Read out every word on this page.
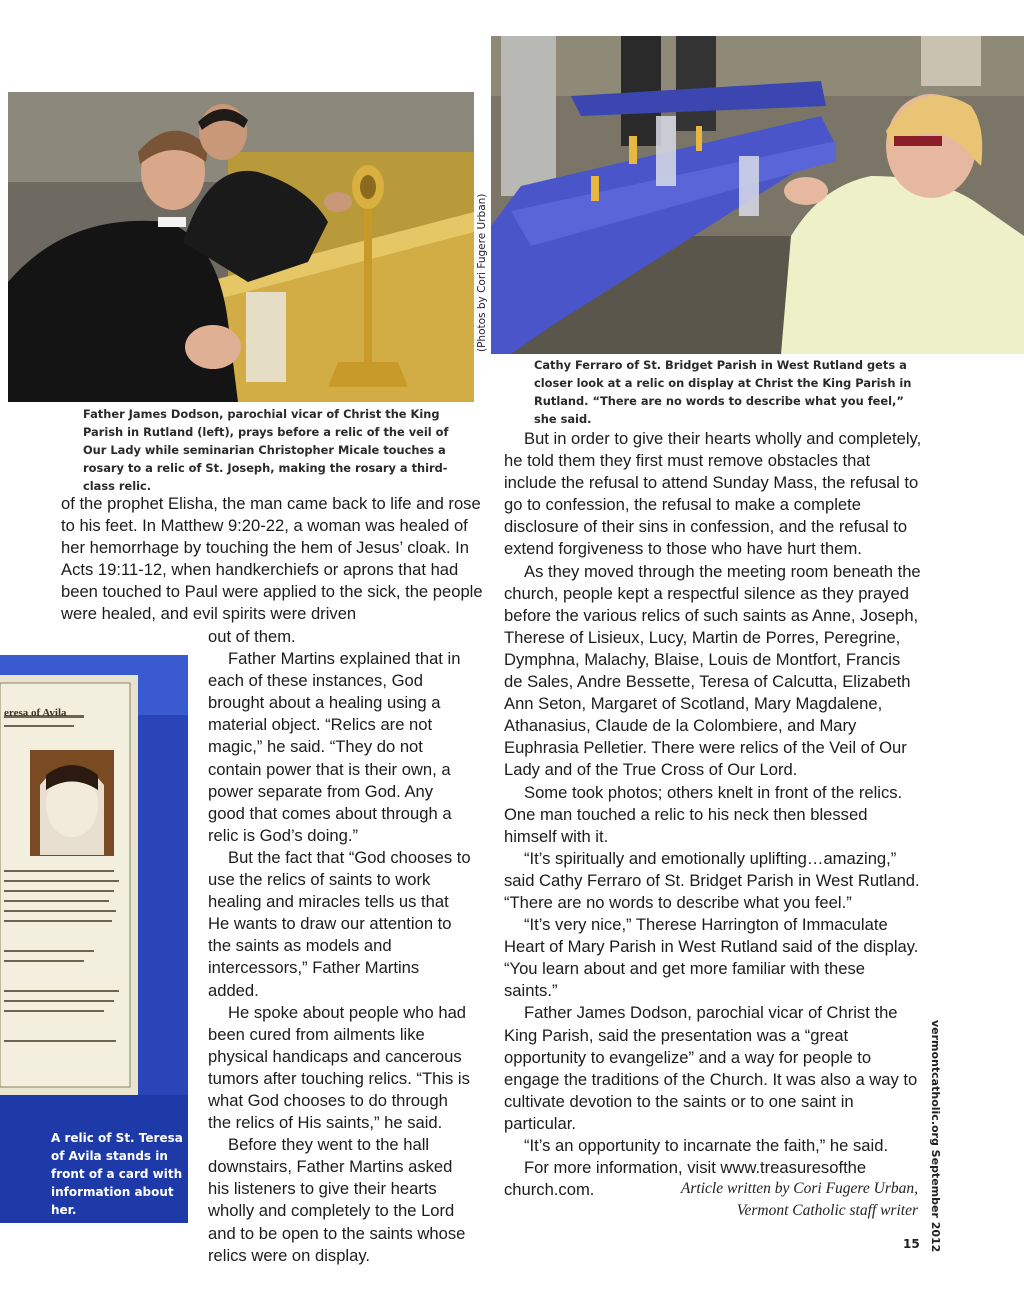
(Photos by Cori Fugere Urban)
Father James Dodson, parochial vicar of Christ the King Parish in Rutland (left), prays before a relic of the veil of Our Lady while seminarian Christopher Micale touches a rosary to a relic of St. Joseph, making the rosary a third-class relic.
Cathy Ferraro of St. Bridget Parish in West Rutland gets a closer look at a relic on display at Christ the King Parish in Rutland. “There are no words to describe what you feel,” she said.

of the prophet Elisha, the man came back to life and rose to his feet. In Matthew 9:20-22, a woman was healed of her hemorrhage by touching the hem of Jesus’ cloak. In Acts 19:11-12, when handkerchiefs or aprons that had been touched to Paul were applied to the sick, the people were healed, and evil spirits were driven

eresa of Avila
A relic of St. Teresa of Avila stands in front of a card with information about her.

out of them.

Father Martins explained that in each of these instances, God brought about a healing using a material object. “Relics are not magic,” he said. “They do not contain power that is their own, a power separate from God. Any good that comes about through a relic is God’s doing.”

But the fact that “God chooses to use the relics of saints to work healing and miracles tells us that He wants to draw our attention to the saints as models and intercessors,” Father Martins added.

He spoke about people who had been cured from ailments like physical handicaps and cancerous tumors after touching relics. “This is what God chooses to do through the relics of His saints,” he said.

Before they went to the hall downstairs, Father Martins asked his listeners to give their hearts wholly and completely to the Lord and to be open to the saints whose relics were on display.

But in order to give their hearts wholly and completely, he told them they first must remove obstacles that include the refusal to attend Sunday Mass, the refusal to go to confession, the refusal to make a complete disclosure of their sins in confession, and the refusal to extend forgiveness to those who have hurt them.

As they moved through the meeting room beneath the church, people kept a respectful silence as they prayed before the various relics of such saints as Anne, Joseph, Therese of Lisieux, Lucy, Martin de Porres, Peregrine, Dymphna, Malachy, Blaise, Louis de Montfort, Francis de Sales, Andre Bessette, Teresa of Calcutta, Elizabeth Ann Seton, Margaret of Scotland, Mary Magdalene, Athanasius, Claude de la Colombiere, and Mary Euphrasia Pelletier. There were relics of the Veil of Our Lady and of the True Cross of Our Lord.

Some took photos; others knelt in front of the relics. One man touched a relic to his neck then blessed himself with it.

“It’s spiritually and emotionally uplifting…amazing,” said Cathy Ferraro of St. Bridget Parish in West Rutland. “There are no words to describe what you feel.”

“It’s very nice,” Therese Harrington of Immaculate Heart of Mary Parish in West Rutland said of the display. “You learn about and get more familiar with these saints.”

Father James Dodson, parochial vicar of Christ the King Parish, said the presentation was a “great opportunity to evangelize” and a way for people to engage the traditions of the Church. It was also a way to cultivate devotion to the saints or to one saint in particular.

“It’s an opportunity to incarnate the faith,” he said.

For more information, visit www.treasuresofthe church.com.	Article written by Cori Fugere Urban,
Vermont Catholic staff writer vermontcatholic.org September 2012
15
